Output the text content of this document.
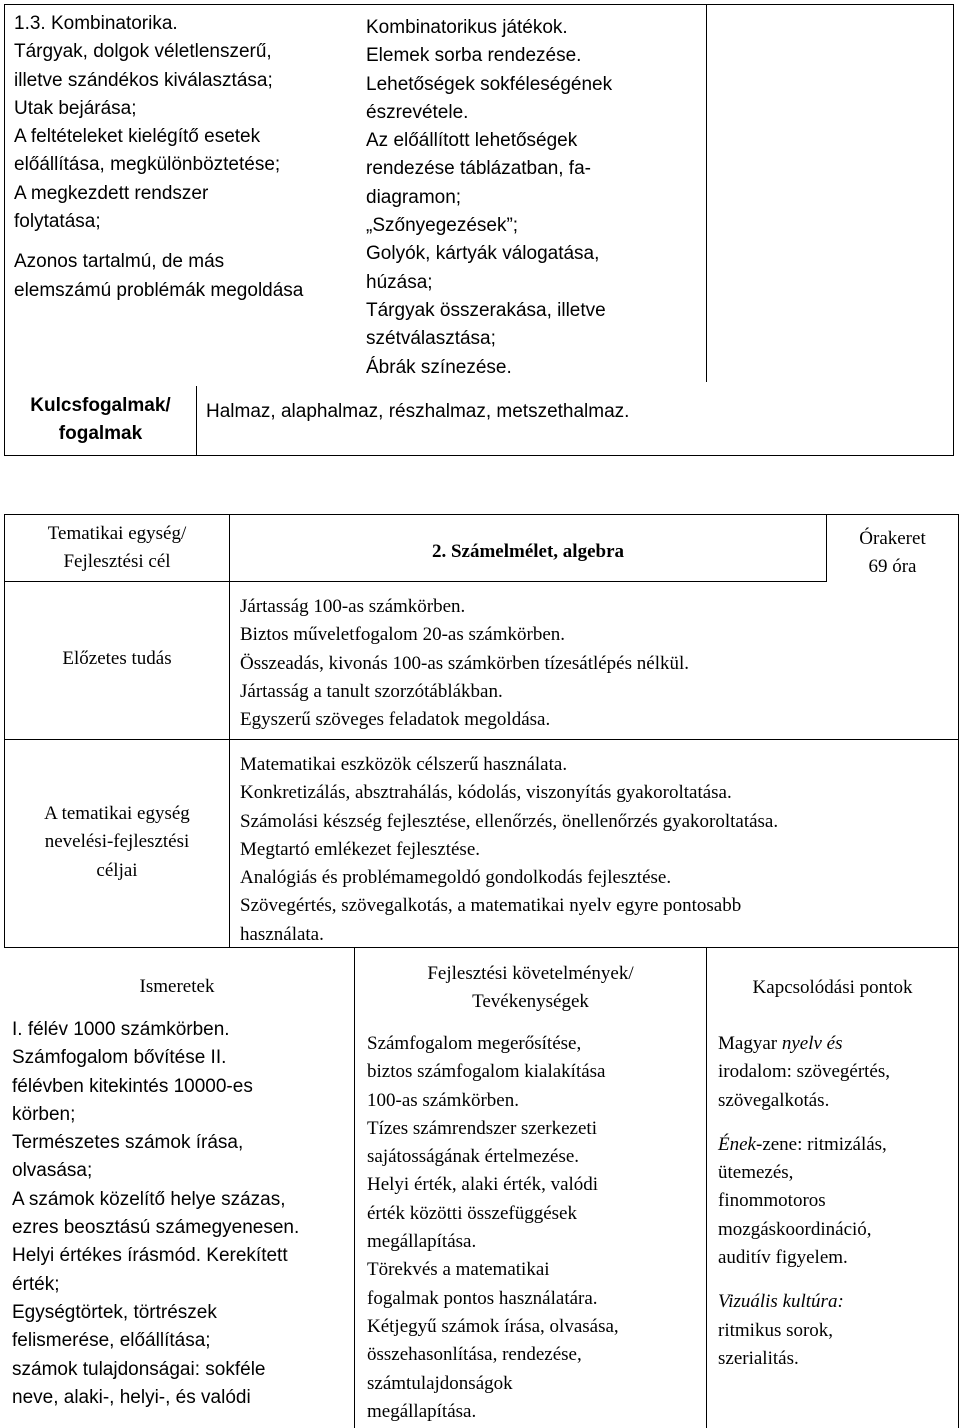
1.3. Kombinatorika.
Tárgyak, dolgok véletlenszerű,
illetve szándékos kiválasztása;
Utak bejárása;
A feltételeket kielégítő esetek
előállítása, megkülönböztetése;
A megkezdett rendszer
folytatása;
Azonos tartalmú, de más
elemszámú problémák megoldása
Kombinatorikus játékok.
Elemek sorba rendezése.
Lehetőségek sokféleségének
észrevétele.
Az előállított lehetőségek
rendezése táblázatban, fa-
diagramon;
„Szőnyegezések”;
Golyók, kártyák válogatása,
húzása;
Tárgyak összerakása, illetve
szétválasztása;
Ábrák színezése.
Kulcsfogalmak/
fogalmak
Halmaz, alaphalmaz, részhalmaz, metszethalmaz.
Tematikai egység/
Fejlesztési cél	2. Számelmélet, algebra
Órakeret
69 óra
Előzetes tudás
Jártasság 100-as számkörben.
Biztos műveletfogalom 20-as számkörben.
Összeadás, kivonás 100-as számkörben tízesátlépés nélkül.
Jártasság a tanult szorzótáblákban.
Egyszerű szöveges feladatok megoldása.
A tematikai egység
nevelési-fejlesztési
céljai
Matematikai eszközök célszerű használata.
Konkretizálás, absztrahálás, kódolás, viszonyítás gyakoroltatása.
Számolási készség fejlesztése, ellenőrzés, önellenőrzés gyakoroltatása.
Megtartó emlékezet fejlesztése.
Analógiás és problémamegoldó gondolkodás fejlesztése.
Szövegértés, szövegalkotás, a matematikai nyelv egyre pontosabb
használata.
Ismeretek
Fejlesztési követelmények/
Tevékenységek
Kapcsolódási pontok
I. félév 1000 számkörben.
Számfogalom bővítése II.
félévben kitekintés 10000-es
körben;
Természetes számok írása,
olvasása;
A számok közelítő helye százas,
ezres beosztású számegyenesen.
Helyi értékes írásmód. Kerekített
érték;
Egységtörtek, törtrészek
felismerése, előállítása;
számok tulajdonságai: sokféle
neve, alaki-, helyi-, és valódi
Számfogalom megerősítése,
biztos számfogalom kialakítása
100-as számkörben.
Tízes számrendszer szerkezeti
sajátosságának értelmezése.
Helyi érték, alaki érték, valódi
érték közötti összefüggések
megállapítása.
Törekvés a matematikai
fogalmak pontos használatára.
Kétjegyű számok írása, olvasása,
összehasonlítása, rendezése,
számtulajdonságok
megállapítása.
Magyar nyelv és
irodalom: szövegértés,
szövegalkotás.
Ének-zene: ritmizálás,
ütemezés,
finommotoros
mozgáskoordináció,
auditív figyelem.
Vizuális kultúra:
ritmikus sorok,
szerialitás.
